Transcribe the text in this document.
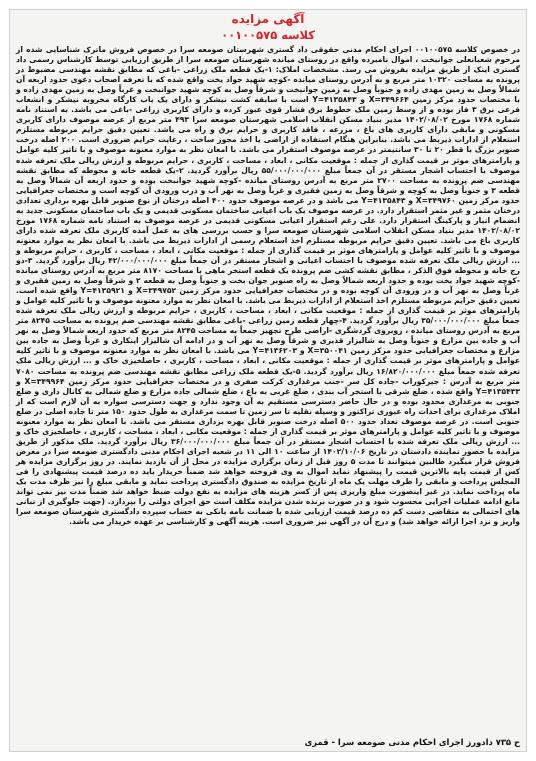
آگهی مزایده
کلاسه ۰۰۱۰۰۵۷۵
در خصوص کلاسه ۰۰۱۰۰۵۷۵ اجرای احکام مدنی حقوقی داد گستری شهرستان صومعه سرا در خصوص فروش ماترک شناسایی شده از مرحوم شعبانعلی جوانبخت ، اموال نامبرده واقع در روستای میانده شهرستان صومعه سرا از طریق ارزیابی توسط کارشناس رسمی داد گستری اینک از طریق مزایده بفروش می رسد. مشخصات املاک: ۱-یک قطعه ملک زراعی -باغی که مطابق نقشه مهندسی مضبوط در پرونده به مساحت ۱۰۳۲۰ متر مربع و به آدرس روستای میانده -کوچه شهید جواد یخت واقع شده که با تعرفه اصحاب دعوی حدود اربعه آن شمالاً وصل به زمین مهدی زاده و جنوباً وصل به زمین جوانبخت و شرقاً وصل به کوچه شهید جوانبخت و غرباً وصل به زمین مهدی زاده و با مختصات حدود مرکز زمین X=۳۴۹۶۶۴ و Y=۴۱۳۵۸۴۳ است با سابقه کشت نیشکر و دارای یک باب کارگاه مخروبه نیشکر و انشعاب فرعی برق ۳ فاز بوده و از وسط زمین ملک خطوط برق فشار قوی عبور کرده و دارای کاربری زراعی -باغی می باشد. به استناد نامه شماره ۱۷۶۸ مورخ ۱۴۰۲/۰۸/۰۲ مدیر بنیاد مسکن انقلاب اسلامی شهرستان صومعه سرا ۴۹۳ متر مربع از عرصه موصوف دارای کاربری مسکونی و مابقی دارای کاربری های باغ ، مزرعه ، فاقد کاربری و حرایم برق و راه می باشد. تعیین دقیق حرایم مربوطه مستلزم استعلام از ادارات ذیربط می باشد. بنابراین هنگام استفاده از اراضی یا اخذ مجوز ساخت ، رعایت حرایم ضروری است. ۲۰۰ اصله درخت صنوبر بزرگ با قطر ۲۰ تا ۳۰ سانتیمتر در عرصه موصوف استقرار می باشد. با امعان نظر به موارد معنونه موصوف و با تاثیر کلیه عوامل و پارامترهای موثر بر قیمت گذاری از جمله : موقعیت مکانی ، ابعاد ، مساحت ، کاربری ، حرایم مربوطه و ارزش ریالی ملک تعرفه شده موصوف با احتساب اشجار مستقر در آن جمعاً مبلغ ۵۵/۰۰۰/۰۰۰/۰۰۰ ریال برآورد گردید. ۲-یک قطعه خانه و محوطه که مطابق نقشه مهندسی ضم پرونده به مساحت ۲۷۰۰ متر مربع به آدرس روستای میانده -کوچه شهید جوانبخت بوده و حدود اربعه آن شمالاً وصل به قطعه ۳ و جنوباً وصل به کوچه و شرقاً وصل به زمین فقیری و غرباً وصل به نهر آب و درب ورودی آن کوچه است و مختصات جغرافیایی حدود مرکز زمین X=۳۴۹۷۶۰ و Y=۴۱۳۵۸۴۳ می باشد و در عرصه موصوف حدود ۴۰۰ اصله درختان از نوع صنوبر قابل بهره برداری تعدادی درختان مثمر و غیر مثمر استقرار دارد. در عرصه موصوف یک باب اعیانی ساختمان مسکونی قدیمی و یک باب ساختمان مسکونی جدید به انضمام انبار و پارکینگ استقرار دارد. علی رغم استقرار اعیانی مسکونی قدیمی در عرصه موصوف به استناد نامه شماره ۱۷۶۸ مورخ ۱۴۰۲/۰۸/۰۲ مدیر بنیاد مسکن انقلاب اسلامی شهرستان صومعه سرا و حسب بررسی های به عمل آمده کاربری ملک تعرفه شده دارای کاربری باغ می باشد. تعیین دقیق حرایم مربوطه مستلزم اخذ استعلام رسمی از ادارات ذیربط می باشد. با امعان نظر به موارد معنونه موصوف و با تاثیر کلیه عوامل و پارامترهای موثر بر قیمت گذاری از جمله : موقعیت مکانی ، ابعاد ، مساحت ، کاربری ، حرایم مربوطه و ... ارزش ریالی ملک تعرفه شده موصوف با احتساب اعیانی و اشجار مستقر در آن جمعاً مبلغ ۴۲/۰۰۰/۰۰۰/۰۰۰ ریال برآورد گردید. ۳-دو رج خانه و محوطه فوق الذکر ، مطابق نقشه کشی ضم پرونده یک قطعه استخر ماهی با مساحت ۸۱۷۰ متر مربع به آدرس روستای میانده -کوچه شهید جواد یخت بوده و حدود اربعه شمالاً وصل به راه صنوبر جوان بخت و جنوباً وصل به قطعه ۲ و شرقاً وصل به زمین فقیری و غرباً وصل به نهر آب و در ورودی آن کوچه بوده و در مختصات جغرافیایی حدود مرکز زمین X=۳۴۹۷۵۲ و Y=۴۱۳۵۹۲۱ واقع شده است. تعیین دقیق حرایم مربوطه مستلزم اخذ استعلام از ادارات ذیربط می باشد. با امعان نظر به موارد معنونه موصوف و با تاثیر کلیه عوامل و پارامترهای موثر بر قیمت گذاری از جمله : موقعیت مکانی ، ابعاد ، مساحت ، کاربری ، حرایم مربوطه و ارزش ریالی ملک تعرفه شده جمعاً مبلغ ۳۵/۰۰۰/۰۰۰/۰۰۰ ریال برآورد گردید. ۴-چهار قطعه زمین زراعی -باغی مطابق نقشه مهندسی ضم پرونده به مساحت ۸۲۴۵ متر مربع به آدرس روستای میانده ، روبروی گردشگری -اراضی طرح تجهیز جمعاً به مساحت ۸۲۴۵ متر مربع که حدود اربعه شمالاً وصل به نهر آب و جاده بین مزارع و جنوباً وصل به شالیزار قدیری و شرقاً وصل به نهر آب و در ادامه آن شالیزار اینکاری و غرباً وصل به جاده بین مزارع و مختصات جغرافیایی حدود مرکز زمین X=۳۵۰۰۴۱ و Y=۴۱۳۶۲۰۳ می باشد. با امعان نظر به موارد معنونه موصوف و با تاثیر کلیه عوامل و پارامترهای موثر بر قیمت گذاری از جمله : موقعیت مکانی ، ابعاد ، مساحت ، کاربری ، حاصلخیزی خاک و ... ارزش ریالی ملک تعرفه شده جمعاً مبلغ ۱۶/۸۲۰/۰۰۰/۰۰۰ ریال برآورد گردید. ۵-یک قطعه ملک زراعی مطابق نقشه مهندسی ضم پرونده به مساحت ۷۰۸۰ متر مربع به آدرس : جیرکوراب -جاده کل سر -جنب مرغداری کرکت صفری و در مختصات جغرافیایی حدود مرکز زمین X=۳۴۹۹۶۴ و Y=۴۱۳۵۴۳۳ واقع شده ، ضلع شرقی با استخر آب بندی ، ضلع غربی به باغ ، ضلع شمالی جاده مزارع و ضلع شمالی به کانال داری و ضلع جنوبی به مرغداری محدود بوده و در حال حاضر دسترسی مستقیم به آن وجود ندارد و جهت دسترسی سواره به آن لازم است که از املاک مرغداری برای احداث راه عبوری تراکتور و وسیله نقلیه تا سر زمین تا سمت مرغداری به طول حدود ۱۵۰ متر تا جاده اصلی در ضلع جنوبی است. در عرصه موصوف تعداد حدود ۵۰۰ اصله درخت صنوبر قابل بهره برداری مستقر می باشد. با امعان نظر به موارد معنونه موصوف و با تاثیر کلیه عوامل و پارامترهای موثر بر قیمت گذاری از جمله : موقعیت مکانی ، ابعاد ، مساحت ، کاربری ، حاصلخیزی خاک و ... ارزش ریالی ملک تعرفه شده با احتساب اشجار مستقر در آن جمعاً مبلغ ۳۶/۰۰۰/۰۰۰/۰۰۰ ریال برآورد گردید. ملک مذکور از طریق مزایده با حضور نماینده دادستان در تاریخ ۱۴۰۲/۱۰/۰۶ از ساعت ۱۰ الی ۱۱ در شعبه اجرای احکام مدنی دادگستری صومعه سرا در معرض فروش قرار میگیرد طالبین میتوانند تا مدت ۵ روز قبل از زمان برگزاری مزایده در محل از آن بازدید نمایند. در روز برگزاری مزایده هر کس از قیمت پایه بالاترین قیمت را پیشنهاد نماید اموال به وی فروخته خواهد شد ضمناً خریدار باید ده درصد قیمت پیشنهادی را فی المجلس پرداخت و مابقی را ظرف مهلت یک ماه از تاریخ مزایده به صندوق دادگستری پرداخت نماید و مابقی مبلغ را نیز ظرف مدت یک ماه پرداخت نماید. در غیر اینصورت مبلغ واریزی پس از کسر هزینه های مزایده به نفع دولت ضبط خواهد شد ضمناً مدت نیز نمی تواند مانع ادامه عملیات اجرایی محسوب شود و در صورت برنده شدن مزایده مکلف است حق اجرای دولتی را بپردازد. (جهت جلوگیری از تبانی های احتمالی به متقاضی دست کم ده درصد قیمت ارزیابی شده یا ضمانت نامه بانکی به حساب سپرده دادگستری شهرستان صومعه سرا واریز و نزد اجرا ارائه خواهد شد) و درج آن در آگهی نیز ضروری است. هزینه آگهی و کارشناسی بر عهده خریدار می باشد.
ح ۷۳۵ دادورز اجرای احکام مدنی صومعه سرا - قمری
